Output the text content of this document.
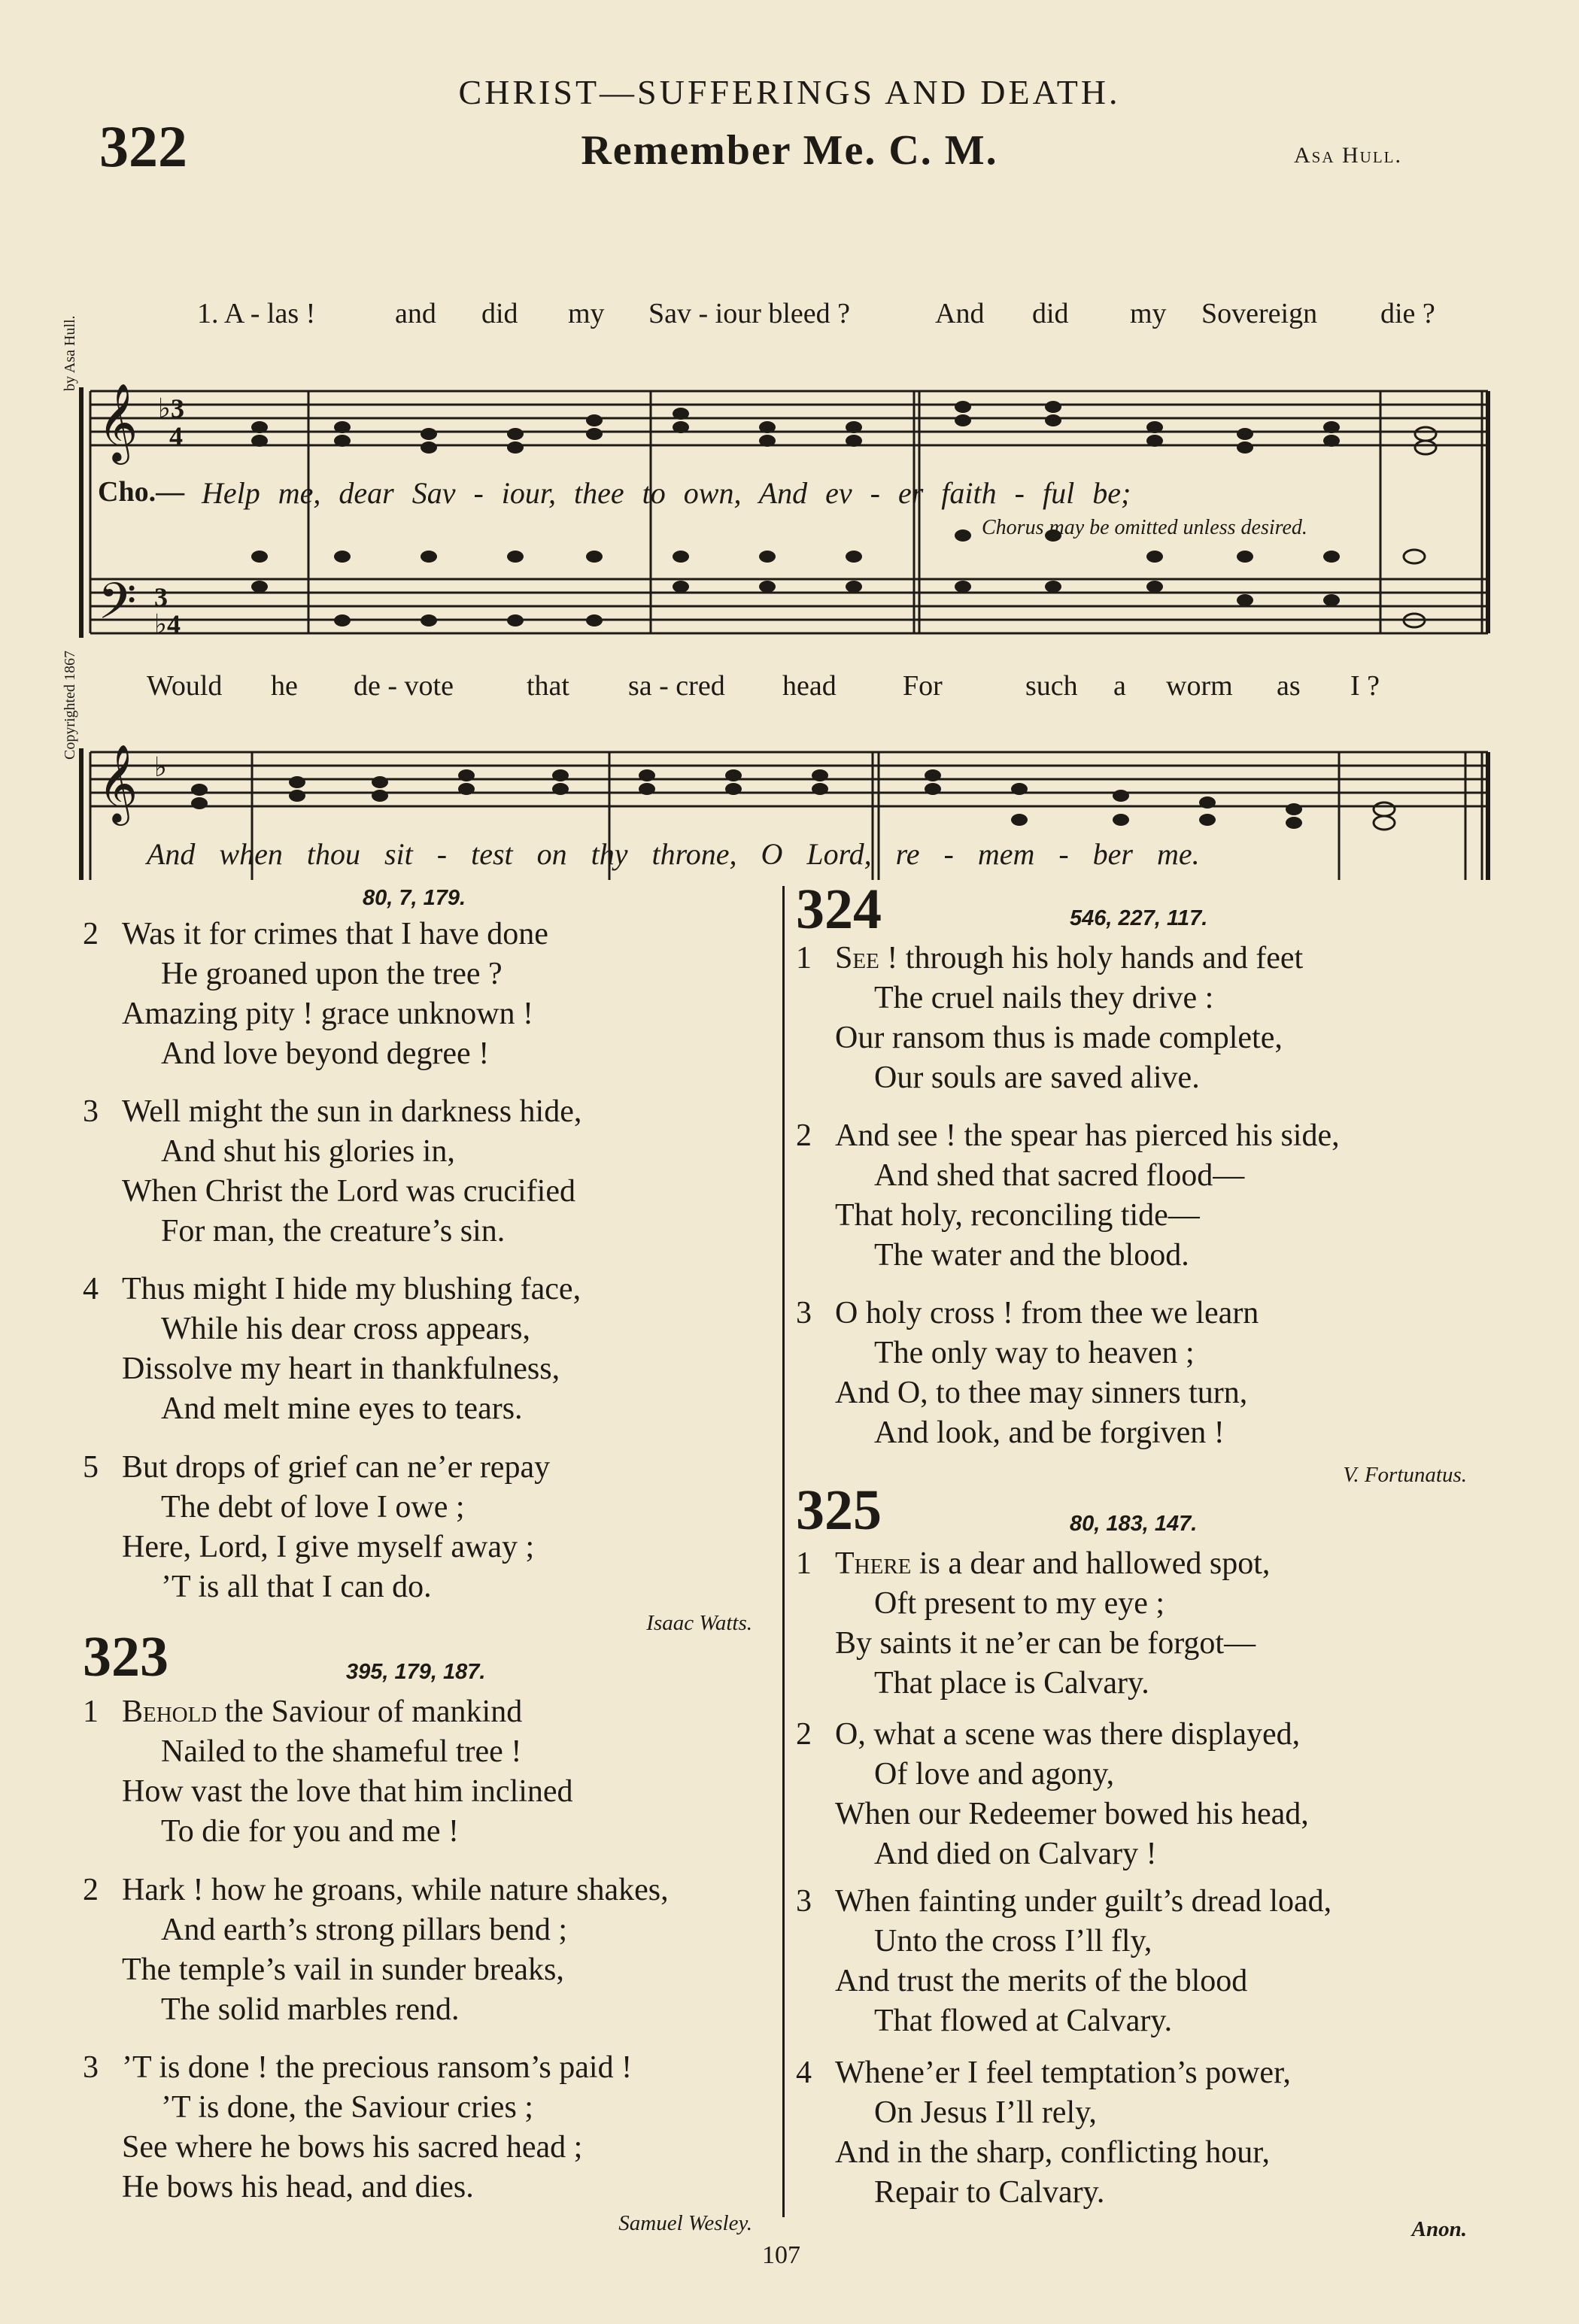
CHRIST—SUFFERINGS AND DEATH.
322	Remember Me. C. M.	Asa Hull.
by Asa Hull.
Copyrighted 1867
𝄞
𝄢
♭3
4
3
♭4
𝄞 ♭
1. A - las !	and did my Sav - iour bleed ?	And did my Sovereign die ?
Cho.— Help me, dear Sav - iour, thee to own, And ev - er faith - ful be;
Chorus may be omitted unless desired.
Would he de - vote	that sa - cred head For	such a worm as I ?
And when thou sit - test on thy throne, O Lord, re - mem - ber me.
80, 7, 179.
2 Was it for crimes that I have done
He groaned upon the tree ?
Amazing pity ! grace unknown !
And love beyond degree !
3 Well might the sun in darkness hide,
And shut his glories in,
When Christ the Lord was crucified
For man, the creature’s sin.
4 Thus might I hide my blushing face,
While his dear cross appears,
Dissolve my heart in thankfulness,
And melt mine eyes to tears.
5 But drops of grief can ne’er repay
The debt of love I owe ;
Here, Lord, I give myself away ;
’T is all that I can do.
Isaac Watts.
323	395, 179, 187.
1 Behold the Saviour of mankind
Nailed to the shameful tree !
How vast the love that him inclined
To die for you and me !
2 Hark ! how he groans, while nature shakes,
And earth’s strong pillars bend ;
The temple’s vail in sunder breaks,
The solid marbles rend.
3 ’T is done ! the precious ransom’s paid !
’T is done, the Saviour cries ;
See where he bows his sacred head ;
He bows his head, and dies.
Samuel Wesley.
324	546, 227, 117.
1 See ! through his holy hands and feet
The cruel nails they drive :
Our ransom thus is made complete,
Our souls are saved alive.
2 And see ! the spear has pierced his side,
And shed that sacred flood—
That holy, reconciling tide—
The water and the blood.
3 O holy cross ! from thee we learn
The only way to heaven ;
And O, to thee may sinners turn,
And look, and be forgiven !
V. Fortunatus.
325	80, 183, 147.
1 There is a dear and hallowed spot,
Oft present to my eye ;
By saints it ne’er can be forgot—
That place is Calvary.
2 O, what a scene was there displayed,
Of love and agony,
When our Redeemer bowed his head,
And died on Calvary !
3 When fainting under guilt’s dread load,
Unto the cross I’ll fly,
And trust the merits of the blood
That flowed at Calvary.
4 Whene’er I feel temptation’s power,
On Jesus I’ll rely,
And in the sharp, conflicting hour,
Repair to Calvary.
Anon.
107
